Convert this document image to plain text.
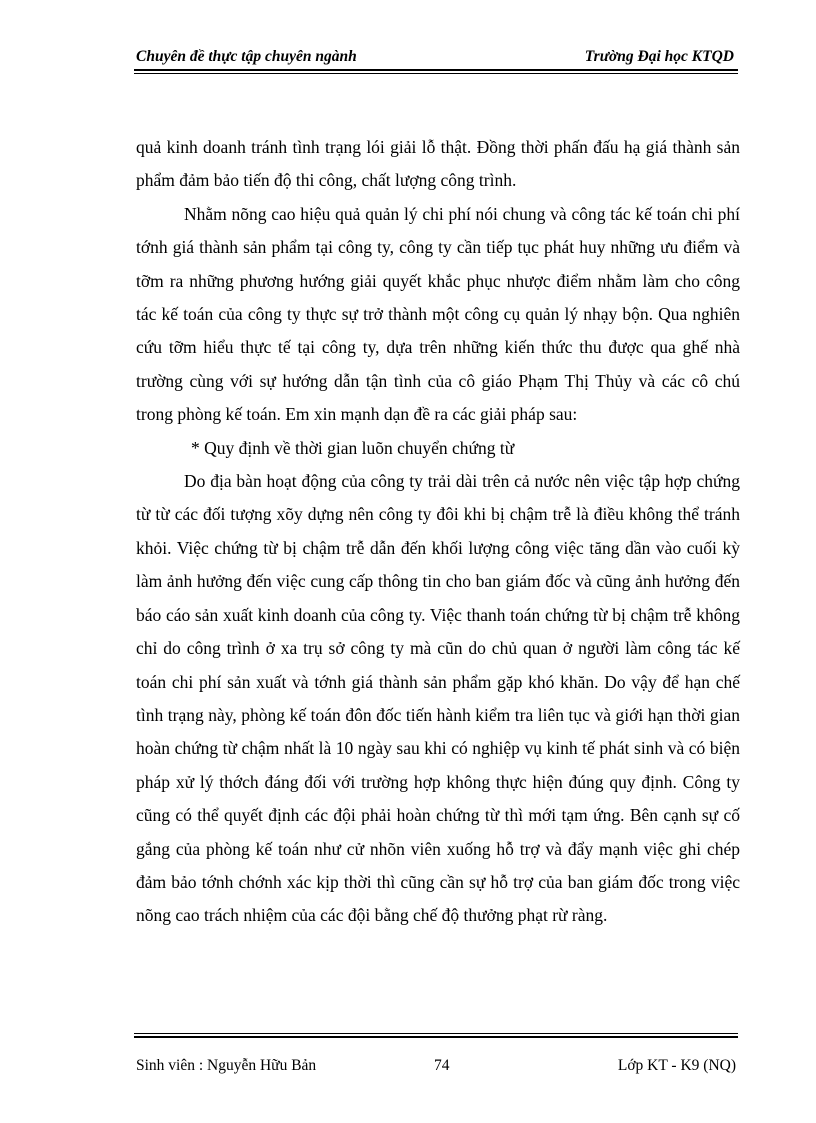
Chuyên đề thực tập chuyên ngành	Trường Đại học KTQD

quả kinh doanh tránh tình trạng lói giải lỗ thật. Đồng thời phấn đấu hạ giá thành sản phẩm đảm bảo tiến độ thi công, chất lượng công trình.

Nhằm nõng cao hiệu quả quản lý chi phí nói chung và công tác kế toán chi phí tớnh giá thành sản phẩm tại công ty, công ty cần tiếp tục phát huy những ưu điểm và tỡm ra những phương hướng giải quyết khắc phục nhược điểm nhằm làm cho công tác kế toán của công ty thực sự trở thành một công cụ quản lý nhạy bộn. Qua nghiên cứu tỡm hiểu thực tế tại công ty, dựa trên những kiến thức thu được qua ghế nhà trường cùng với sự hướng dẫn tận tình của cô giáo Phạm Thị Thủy và các cô chú trong phòng kế toán. Em xin mạnh dạn đề ra các giải pháp sau:

* Quy định về thời gian luõn chuyển chứng từ

Do địa bàn hoạt động của công ty trải dài trên cả nước nên việc tập hợp chứng từ từ các đối tượng xõy dựng nên công ty đôi khi bị chậm trễ là điều không thể tránh khỏi. Việc chứng từ bị chậm trễ dẫn đến khối lượng công việc tăng dần vào cuối kỳ làm ảnh hưởng đến việc cung cấp thông tin cho ban giám đốc và cũng ảnh hưởng đến báo cáo sản xuất kinh doanh của công ty. Việc thanh toán chứng từ bị chậm trễ không chỉ do công trình ở xa trụ sở công ty mà cũn do chủ quan ở người làm công tác kế toán chi phí sản xuất và tớnh giá thành sản phẩm gặp khó khăn. Do vậy để hạn chế tình trạng này, phòng kế toán đôn đốc tiến hành kiểm tra liên tục và giới hạn thời gian hoàn chứng từ chậm nhất là 10 ngày sau khi có nghiệp vụ kinh tế phát sinh và có biện pháp xử lý thớch đáng đối với trường hợp không thực hiện đúng quy định. Công ty cũng có thể quyết định các đội phải hoàn chứng từ thì mới tạm ứng. Bên cạnh sự cố gắng của phòng kế toán như cử nhõn viên xuống hỗ trợ và đẩy mạnh việc ghi chép đảm bảo tớnh chớnh xác kịp thời thì cũng cần sự hỗ trợ của ban giám đốc trong việc nõng cao trách nhiệm của các đội bằng chế độ thưởng phạt rừ ràng.

Sinh viên : Nguyễn Hữu Bản	74	Lớp KT - K9 (NQ)
